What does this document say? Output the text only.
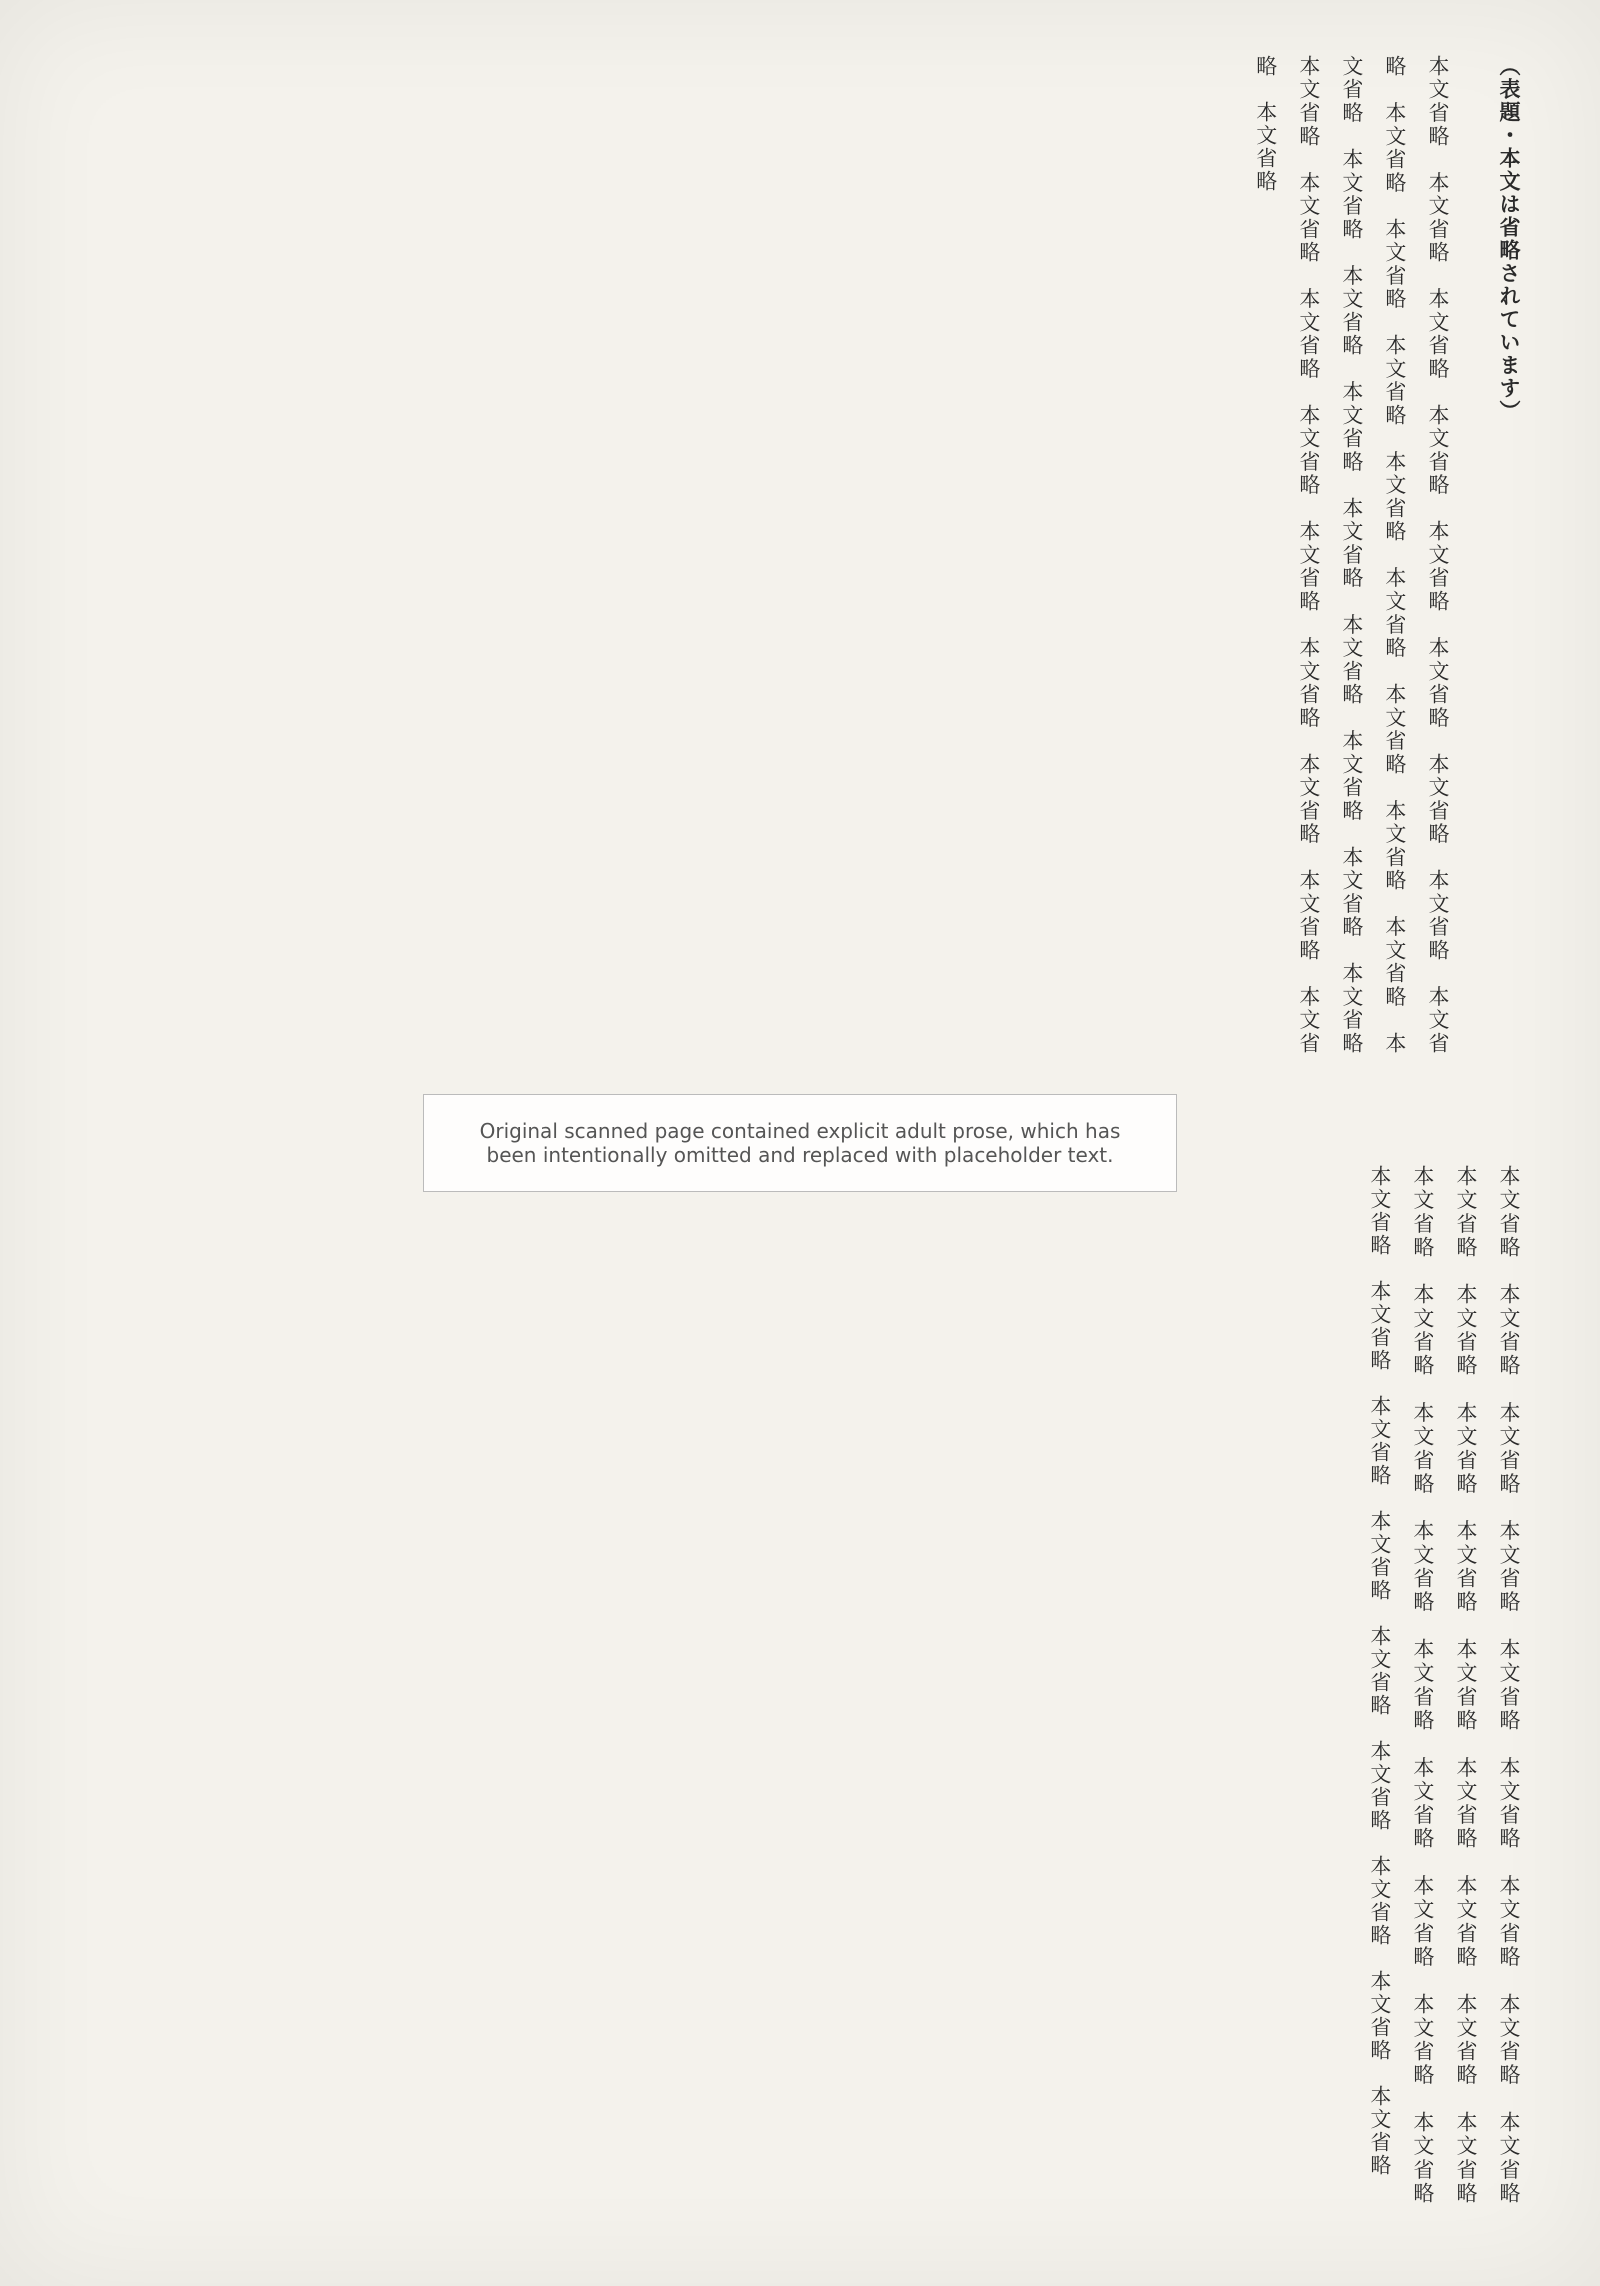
（表題・本文は省略されています）
本文省略　本文省略　本文省略　本文省略　本文省略　本文省略　本文省略　本文省略　本文省略　本文省略　本文省略　本文省略　本文省略　本文省略　本文省略　本文省略　本文省略　本文省略　本文省略　本文省略　本文省略　本文省略　本文省略　本文省略　本文省略　本文省略　本文省略　本文省略　本文省略　本文省略　本文省略　本文省略　本文省略　本文省略　本文省略　本文省略
本文省略　本文省略　本文省略　本文省略　本文省略　本文省略　本文省略　本文省略　本文省略　本文省略　本文省略　本文省略　本文省略　本文省略　本文省略　本文省略　本文省略　本文省略　本文省略　本文省略　本文省略　本文省略　本文省略　本文省略　本文省略　本文省略　本文省略　本文省略　本文省略　本文省略　本文省略　本文省略　本文省略　本文省略　本文省略　本文省略
Original scanned page contained explicit adult prose, which has been intentionally omitted and replaced with placeholder text.
